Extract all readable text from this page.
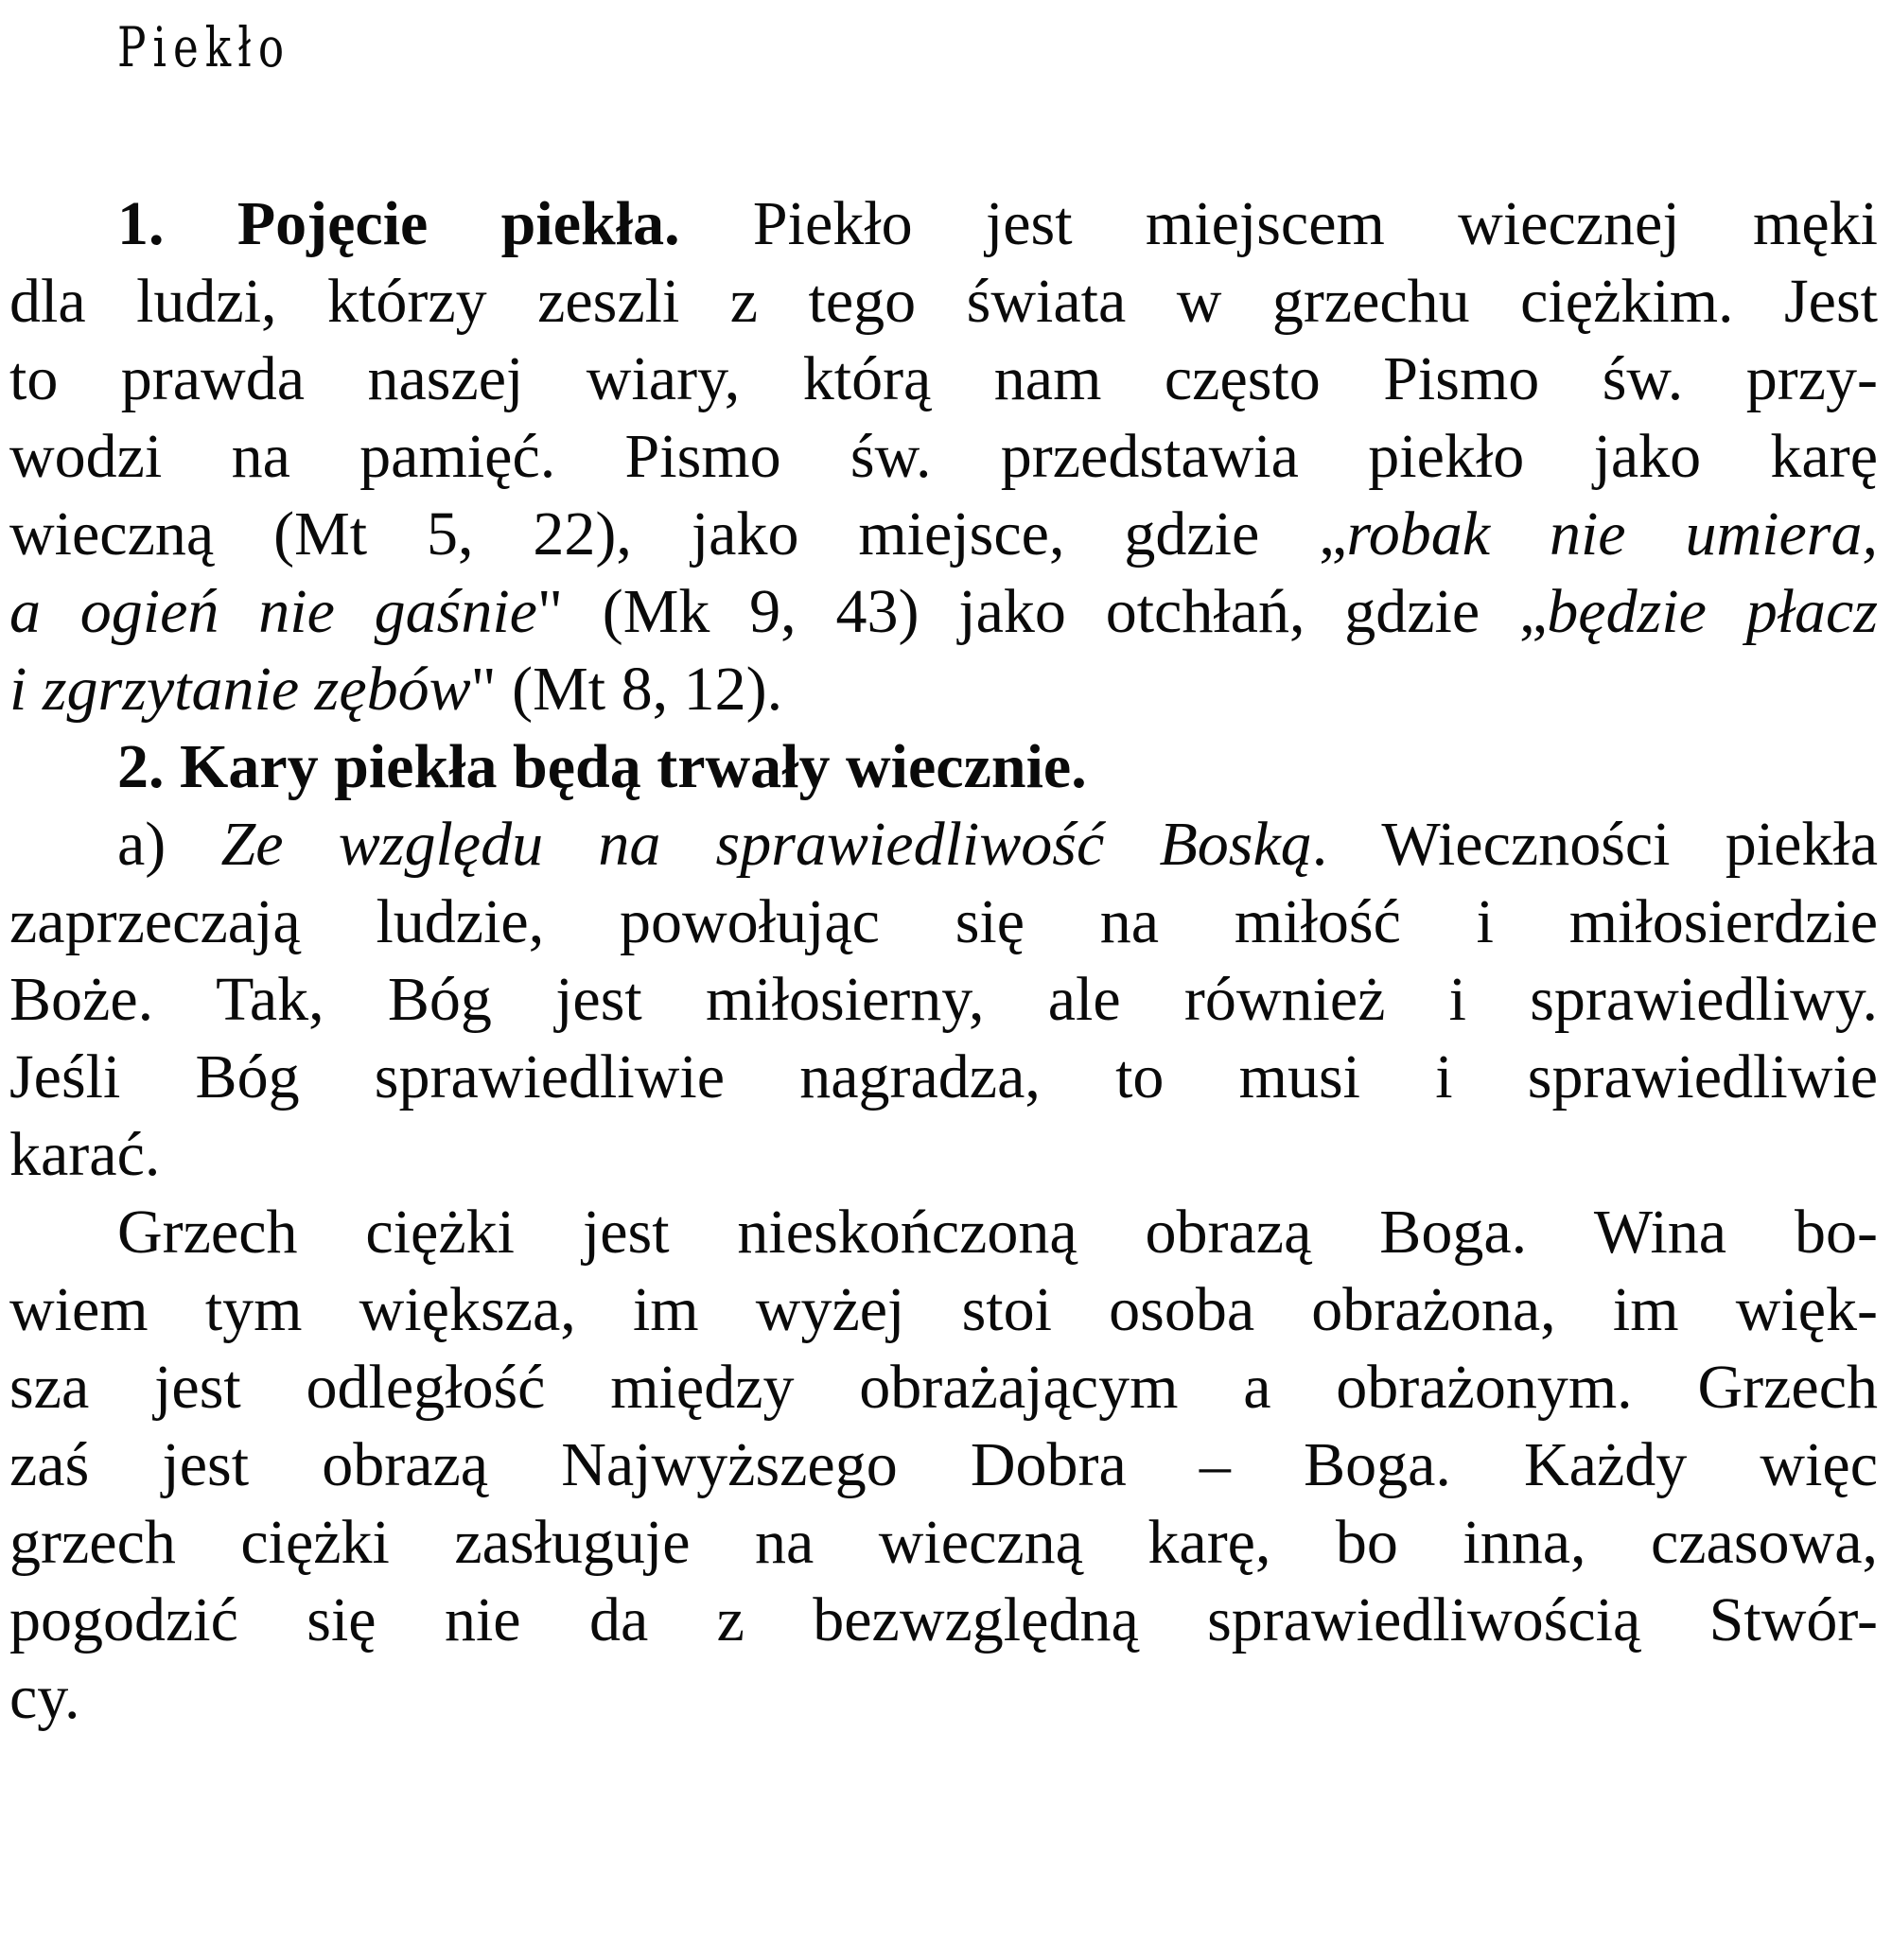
Piekło
1. Pojęcie piekła. Piekło jest miejscem wiecznej męki
dla ludzi, którzy zeszli z tego świata w grzechu ciężkim. Jest
to prawda naszej wiary, którą nam często Pismo św. przy-
wodzi na pamięć. Pismo św. przedstawia piekło jako karę
wieczną (Mt 5, 22), jako miejsce, gdzie „robak nie umiera,
a ogień nie gaśnie" (Mk 9, 43) jako otchłań, gdzie „będzie płacz
i zgrzytanie zębów" (Mt 8, 12).
2. Kary piekła będą trwały wiecznie.
a) Ze względu na sprawiedliwość Boską. Wieczności piekła
zaprzeczają ludzie, powołując się na miłość i miłosierdzie
Boże. Tak, Bóg jest miłosierny, ale również i sprawiedliwy.
Jeśli Bóg sprawiedliwie nagradza, to musi i sprawiedliwie
karać.
Grzech ciężki jest nieskończoną obrazą Boga. Wina bo-
wiem tym większa, im wyżej stoi osoba obrażona, im więk-
sza jest odległość między obrażającym a obrażonym. Grzech
zaś jest obrazą Najwyższego Dobra – Boga. Każdy więc
grzech ciężki zasługuje na wieczną karę, bo inna, czasowa,
pogodzić się nie da z bezwzględną sprawiedliwością Stwór-
cy.
